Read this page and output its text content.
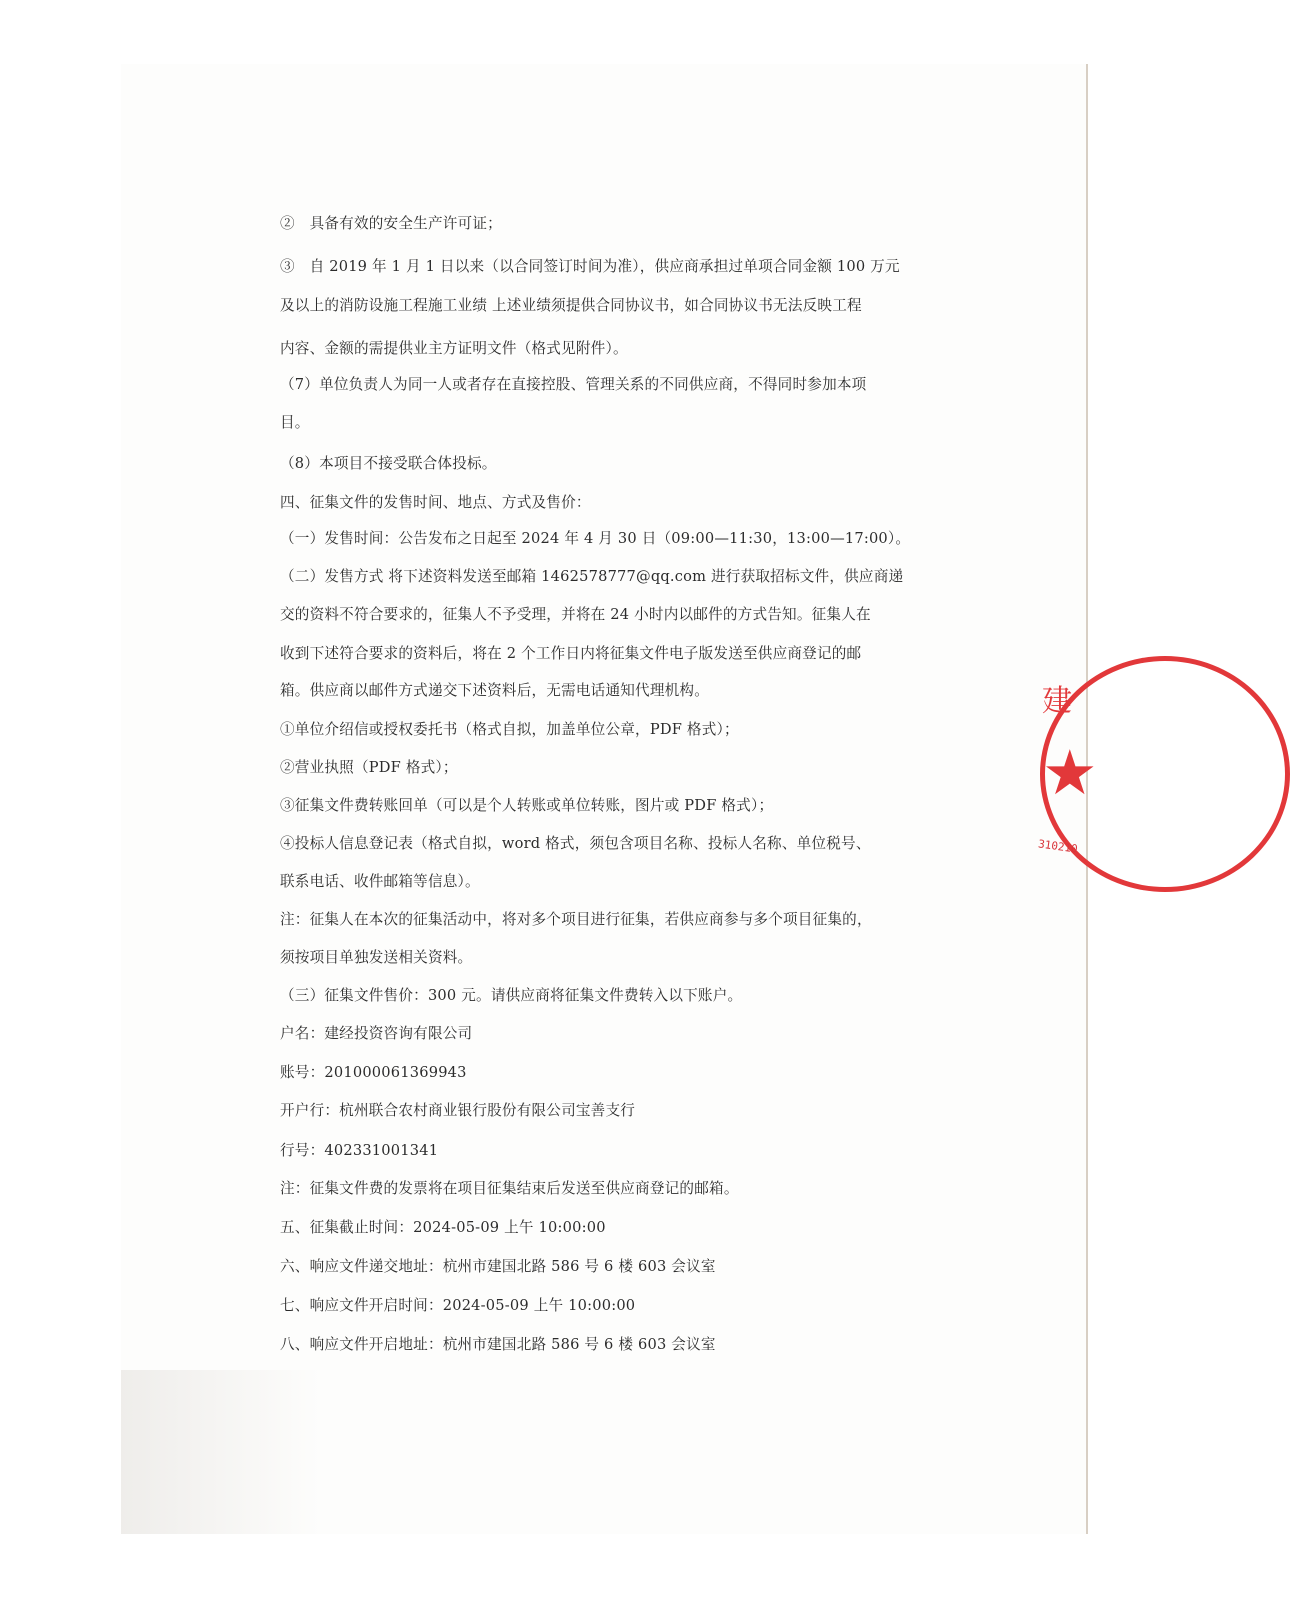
②　具备有效的安全生产许可证；
③　自 2019 年 1 月 1 日以来（以合同签订时间为准），供应商承担过单项合同金额 100 万元
及以上的消防设施工程施工业绩 上述业绩须提供合同协议书，如合同协议书无法反映工程
内容、金额的需提供业主方证明文件（格式见附件）。
（7）单位负责人为同一人或者存在直接控股、管理关系的不同供应商，不得同时参加本项
目。
（8）本项目不接受联合体投标。
四、征集文件的发售时间、地点、方式及售价：
（一）发售时间：公告发布之日起至 2024 年 4 月 30 日（09:00—11:30，13:00—17:00）。
（二）发售方式 将下述资料发送至邮箱 1462578777@qq.com 进行获取招标文件，供应商递
交的资料不符合要求的，征集人不予受理，并将在 24 小时内以邮件的方式告知。征集人在
收到下述符合要求的资料后，将在 2 个工作日内将征集文件电子版发送至供应商登记的邮
箱。供应商以邮件方式递交下述资料后，无需电话通知代理机构。
①单位介绍信或授权委托书（格式自拟，加盖单位公章，PDF 格式）；
②营业执照（PDF 格式）；
③征集文件费转账回单（可以是个人转账或单位转账，图片或 PDF 格式）；
④投标人信息登记表（格式自拟，word 格式，须包含项目名称、投标人名称、单位税号、
联系电话、收件邮箱等信息）。
注：征集人在本次的征集活动中，将对多个项目进行征集，若供应商参与多个项目征集的，
须按项目单独发送相关资料。
（三）征集文件售价：300 元。请供应商将征集文件费转入以下账户。
户名：建经投资咨询有限公司
账号：201000061369943
开户行：杭州联合农村商业银行股份有限公司宝善支行
行号：402331001341
注：征集文件费的发票将在项目征集结束后发送至供应商登记的邮箱。
五、征集截止时间：2024-05-09 上午 10:00:00
六、响应文件递交地址：杭州市建国北路 586 号 6 楼 603 会议室
七、响应文件开启时间：2024-05-09 上午 10:00:00
八、响应文件开启地址：杭州市建国北路 586 号 6 楼 603 会议室
建
★
310210
